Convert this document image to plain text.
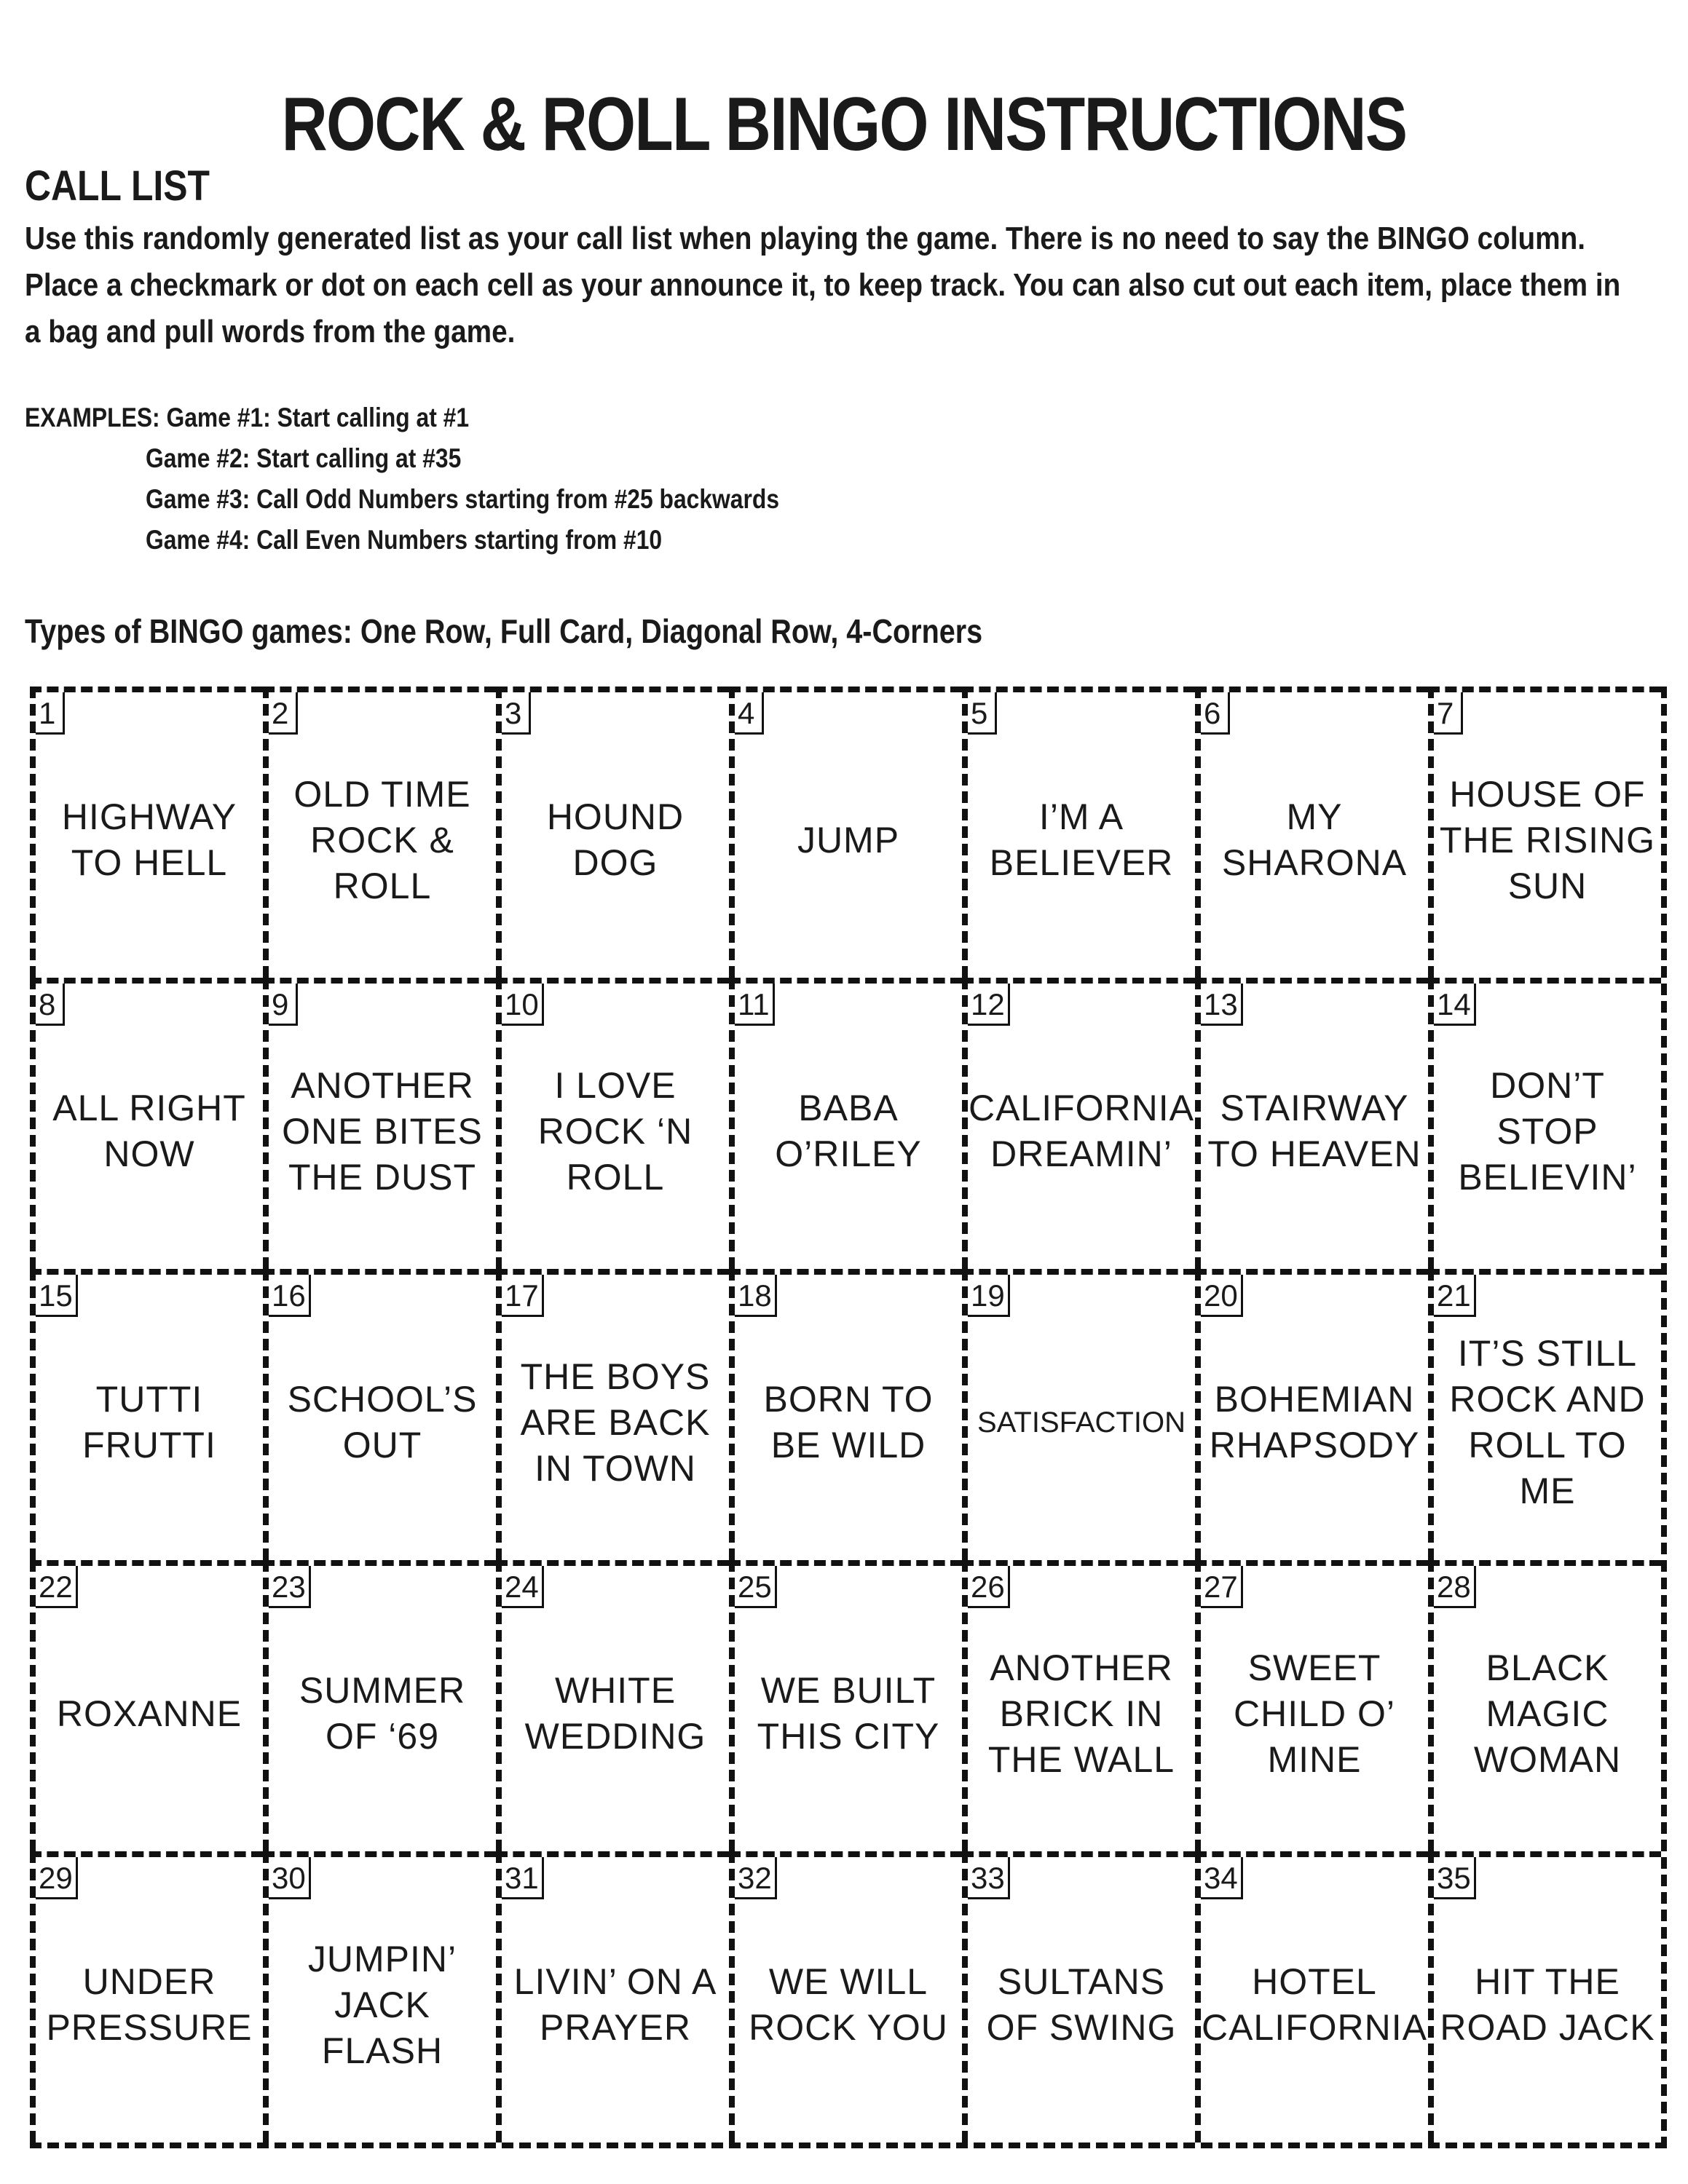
ROCK & ROLL BINGO INSTRUCTIONS
CALL LIST
Use this randomly generated list as your call list when playing the game. There is no need to say the BINGO column. Place a checkmark or dot on each cell as your announce it, to keep track. You can also cut out each item, place them in a bag and pull words from the game.
EXAMPLES: Game #1: Start calling at #1
Game #2: Start calling at #35
Game #3: Call Odd Numbers starting from #25 backwards
Game #4: Call Even Numbers starting from #10
Types of BINGO games: One Row, Full Card, Diagonal Row, 4-Corners
1
HIGHWAY
TO HELL
2
OLD TIME
ROCK &
ROLL
3
HOUND
DOG
4
JUMP
5
I’M A
BELIEVER
6
MY
SHARONA
7
HOUSE OF
THE RISING
SUN
8
ALL RIGHT
NOW
9
ANOTHER
ONE BITES
THE DUST
10
I LOVE
ROCK ‘N
ROLL
11
BABA
O’RILEY
12
CALIFORNIA
DREAMIN’
13
STAIRWAY
TO HEAVEN
14
DON’T
STOP
BELIEVIN’
15
TUTTI
FRUTTI
16
SCHOOL’S
OUT
17
THE BOYS
ARE BACK
IN TOWN
18
BORN TO
BE WILD
19
SATISFACTION
20
BOHEMIAN
RHAPSODY
21
IT’S STILL
ROCK AND
ROLL TO
ME
22
ROXANNE
23
SUMMER
OF ‘69
24
WHITE
WEDDING
25
WE BUILT
THIS CITY
26
ANOTHER
BRICK IN
THE WALL
27
SWEET
CHILD O’
MINE
28
BLACK
MAGIC
WOMAN
29
UNDER
PRESSURE
30
JUMPIN’
JACK
FLASH
31
LIVIN’ ON A
PRAYER
32
WE WILL
ROCK YOU
33
SULTANS
OF SWING
34
HOTEL
CALIFORNIA
35
HIT THE
ROAD JACK
